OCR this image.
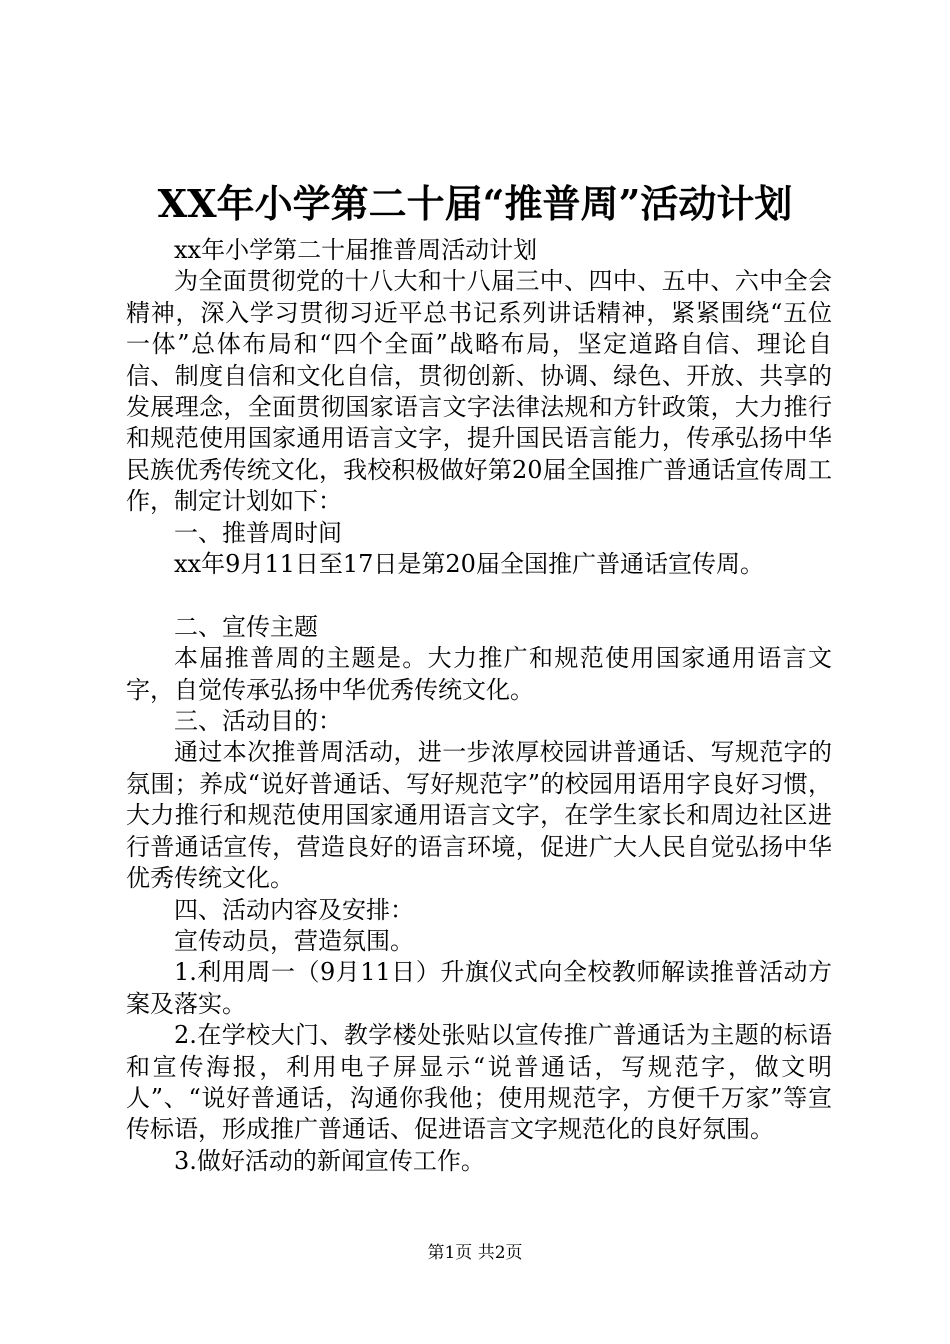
XX年小学第二十届“推普周”活动计划

xx年小学第二十届推普周活动计划

为全面贯彻党的十八大和十八届三中、四中、五中、六中全会精神，深入学习贯彻习近平总书记系列讲话精神，紧紧围绕“五位一体”总体布局和“四个全面”战略布局，坚定道路自信、理论自信、制度自信和文化自信，贯彻创新、协调、绿色、开放、共享的发展理念，全面贯彻国家语言文字法律法规和方针政策，大力推行和规范使用国家通用语言文字，提升国民语言能力，传承弘扬中华民族优秀传统文化，我校积极做好第20届全国推广普通话宣传周工作，制定计划如下：

一、推普周时间

xx年9月11日至17日是第20届全国推广普通话宣传周。

二、宣传主题

本届推普周的主题是。大力推广和规范使用国家通用语言文字，自觉传承弘扬中华优秀传统文化。

三、活动目的：

通过本次推普周活动，进一步浓厚校园讲普通话、写规范字的氛围；养成“说好普通话、写好规范字”的校园用语用字良好习惯，大力推行和规范使用国家通用语言文字，在学生家长和周边社区进行普通话宣传，营造良好的语言环境，促进广大人民自觉弘扬中华优秀传统文化。

四、活动内容及安排：

宣传动员，营造氛围。

1.利用周一（9月11日）升旗仪式向全校教师解读推普活动方案及落实。

2.在学校大门、教学楼处张贴以宣传推广普通话为主题的标语和宣传海报，利用电子屏显示“说普通话，写规范字，做文明人”、“说好普通话，沟通你我他；使用规范字，方便千万家”等宣传标语，形成推广普通话、促进语言文字规范化的良好氛围。

3.做好活动的新闻宣传工作。

第1页 共2页
